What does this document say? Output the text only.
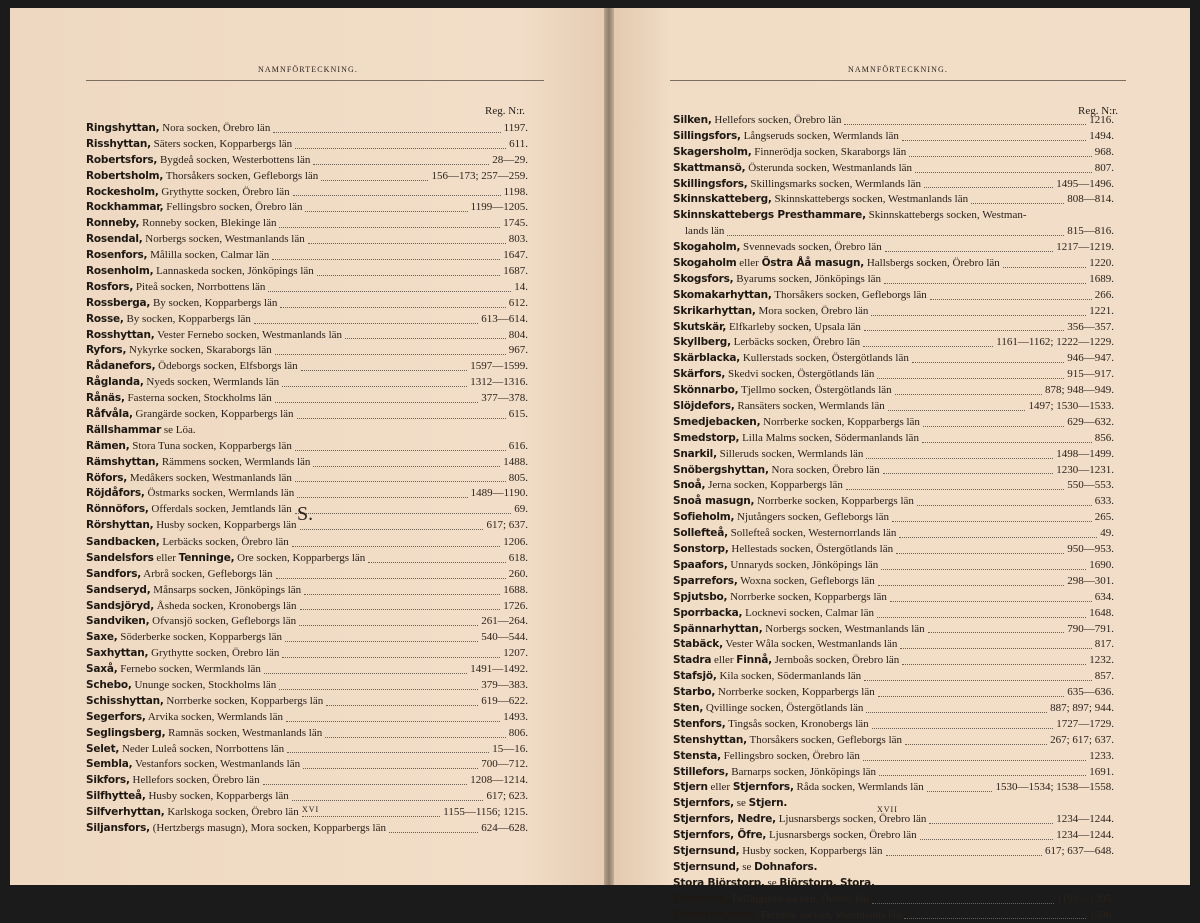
NAMNFÖRTECKNING.
Reg. N:r.
Ringshyttan, Nora socken, Örebro län	1197.
Risshyttan, Säters socken, Kopparbergs län	611.
Robertsfors, Bygdeå socken, Westerbottens län	28—29.
Robertsholm, Thorsåkers socken, Gefleborgs län	156—173; 257—259.
Rockesholm, Grythytte socken, Örebro län	1198.
Rockhammar, Fellingsbro socken, Örebro län	1199—1205.
Ronneby, Ronneby socken, Blekinge län	1745.
Rosendal, Norbergs socken, Westmanlands län	803.
Rosenfors, Målilla socken, Calmar län	1647.
Rosenholm, Lannaskeda socken, Jönköpings län	1687.
Rosfors, Piteå socken, Norrbottens län	14.
Rossberga, By socken, Kopparbergs län	612.
Rosse, By socken, Kopparbergs län	613—614.
Rosshyttan, Vester Fernebo socken, Westmanlands län	804.
Ryfors, Nykyrke socken, Skaraborgs län	967.
Rådanefors, Ödeborgs socken, Elfsborgs län	1597—1599.
Råglanda, Nyeds socken, Wermlands län	1312—1316.
Rånäs, Fasterna socken, Stockholms län	377—378.
Råfvåla, Grangärde socken, Kopparbergs län	615.
Rällshammar se Löa.
Rämen, Stora Tuna socken, Kopparbergs län	616.
Rämshyttan, Rämmens socken, Wermlands län	1488.
Röfors, Medåkers socken, Westmanlands län	805.
Röjdåfors, Östmarks socken, Wermlands län	1489—1190.
Rönnöfors, Offerdals socken, Jemtlands län	69.
Rörshyttan, Husby socken, Kopparbergs län	617; 637.
S.
Sandbacken, Lerbäcks socken, Örebro län	1206.
Sandelsfors eller Tenninge, Ore socken, Kopparbergs län	618.
Sandfors, Arbrå socken, Gefleborgs län	260.
Sandseryd, Månsarps socken, Jönköpings län	1688.
Sandsjöryd, Åsheda socken, Kronobergs län	1726.
Sandviken, Ofvansjö socken, Gefleborgs län	261—264.
Saxe, Söderberke socken, Kopparbergs län	540—544.
Saxhyttan, Grythytte socken, Örebro län	1207.
Saxå, Fernebo socken, Wermlands län	1491—1492.
Schebo, Ununge socken, Stockholms län	379—383.
Schisshyttan, Norrberke socken, Kopparbergs län	619—622.
Segerfors, Arvika socken, Wermlands län	1493.
Seglingsberg, Ramnäs socken, Westmanlands län	806.
Selet, Neder Luleå socken, Norrbottens län	15—16.
Sembla, Vestanfors socken, Westmanlands län	700—712.
Sikfors, Hellefors socken, Örebro län	1208—1214.
Silfhytteå, Husby socken, Kopparbergs län	617; 623.
Silfverhyttan, Karlskoga socken, Örebro län	1155—1156; 1215.
Siljansfors, (Hertzbergs masugn), Mora socken, Kopparbergs län	624—628.
XVI
NAMNFÖRTECKNING.
Reg. N:r.
Silken, Hellefors socken, Örebro län	1216.
Sillingsfors, Långseruds socken, Wermlands län	1494.
Skagersholm, Finnerödja socken, Skaraborgs län	968.
Skattmansö, Österunda socken, Westmanlands län	807.
Skillingsfors, Skillingsmarks socken, Wermlands län	1495—1496.
Skinnskatteberg, Skinnskattebergs socken, Westmanlands län	808—814.
Skinnskattebergs Presthammare, Skinnskattebergs socken, Westman-
lands län	815—816.
Skogaholm, Svennevads socken, Örebro län	1217—1219.
Skogaholm eller Östra Åå masugn, Hallsbergs socken, Örebro län	1220.
Skogsfors, Byarums socken, Jönköpings län	1689.
Skomakarhyttan, Thorsåkers socken, Gefleborgs län	266.
Skrikarhyttan, Mora socken, Örebro län	1221.
Skutskär, Elfkarleby socken, Upsala län	356—357.
Skyllberg, Lerbäcks socken, Örebro län	1161—1162; 1222—1229.
Skärblacka, Kullerstads socken, Östergötlands län	946—947.
Skärfors, Skedvi socken, Östergötlands län	915—917.
Skönnarbo, Tjellmo socken, Östergötlands län	878; 948—949.
Slöjdefors, Ransäters socken, Wermlands län	1497; 1530—1533.
Smedjebacken, Norrberke socken, Kopparbergs län	629—632.
Smedstorp, Lilla Malms socken, Södermanlands län	856.
Snarkil, Silleruds socken, Wermlands län	1498—1499.
Snöbergshyttan, Nora socken, Örebro län	1230—1231.
Snoå, Jerna socken, Kopparbergs län	550—553.
Snoå masugn, Norrberke socken, Kopparbergs län	633.
Sofieholm, Njutångers socken, Gefleborgs län	265.
Sollefteå, Sollefteå socken, Westernorrlands län	49.
Sonstorp, Hellestads socken, Östergötlands län	950—953.
Spaafors, Unnaryds socken, Jönköpings län	1690.
Sparrefors, Woxna socken, Gefleborgs län	298—301.
Spjutsbo, Norrberke socken, Kopparbergs län	634.
Sporrbacka, Locknevi socken, Calmar län	1648.
Spännarhyttan, Norbergs socken, Westmanlands län	790—791.
Stabäck, Vester Wåla socken, Westmanlands län	817.
Stadra eller Finnå, Jernboås socken, Örebro län	1232.
Stafsjö, Kila socken, Södermanlands län	857.
Starbo, Norrberke socken, Kopparbergs län	635—636.
Sten, Qvillinge socken, Östergötlands län	887; 897; 944.
Stenfors, Tingsås socken, Kronobergs län	1727—1729.
Stenshyttan, Thorsåkers socken, Gefleborgs län	267; 617; 637.
Stensta, Fellingsbro socken, Örebro län	1233.
Stillefors, Barnarps socken, Jönköpings län	1691.
Stjern eller Stjernfors, Råda socken, Wermlands län	1530—1534; 1538—1558.
Stjernfors, se Stjern.
Stjernfors, Nedre, Ljusnarsbergs socken, Örebro län	1234—1244.
Stjernfors, Öfre, Ljusnarsbergs socken, Örebro län	1234—1244.
Stjernsund, Husby socken, Kopparbergs län	617; 637—648.
Stjernsund, se Dohnafors.
Stora Björstorp, se Björstorp, Stora.
Storboda, Fellingsbro socken, Örebro län	1199—1205.
Storbrohyttan, Fernebo socken, Wermlands län	1500.
XVII
